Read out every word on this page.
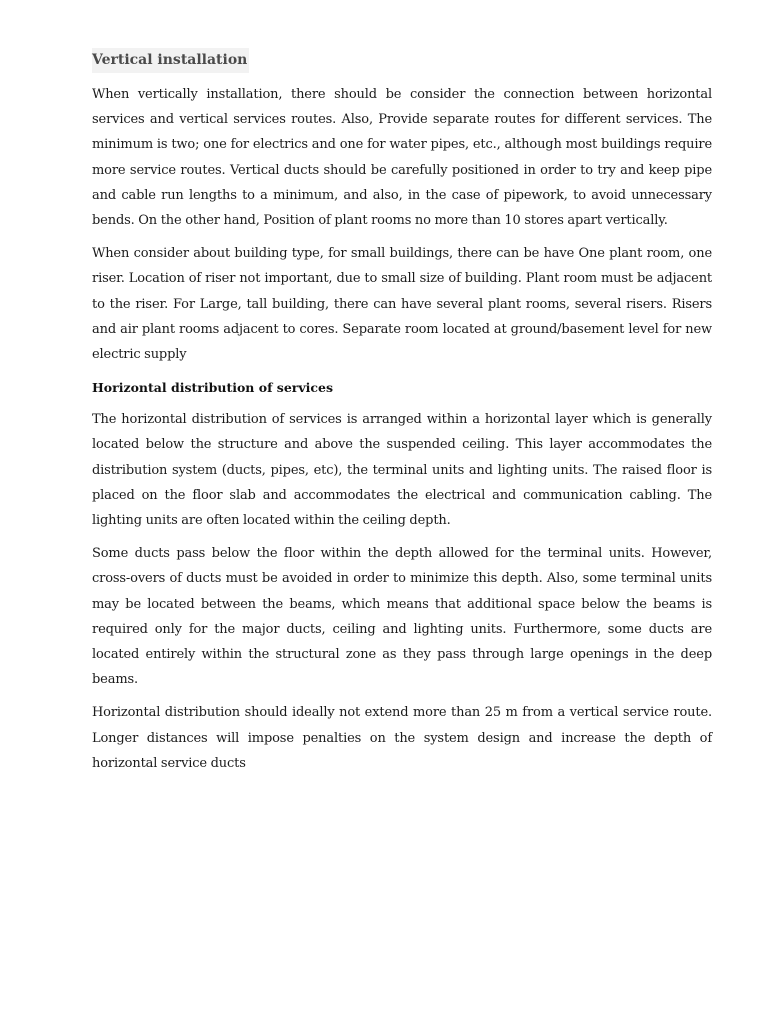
Vertical installation

When vertically installation, there should be consider the connection between horizontal services and vertical services routes. Also, Provide separate routes for different services. The minimum is two; one for electrics and one for water pipes, etc., although most buildings require more service routes. Vertical ducts should be carefully positioned in order to try and keep pipe and cable run lengths to a minimum, and also, in the case of pipework, to avoid unnecessary bends. On the other hand, Position of plant rooms no more than 10 stores apart vertically.

When consider about building type, for small buildings, there can be have One plant room, one riser. Location of riser not important, due to small size of building. Plant room must be adjacent to the riser. For Large, tall building, there can have several plant rooms, several risers. Risers and air plant rooms adjacent to cores. Separate room located at ground/basement level for new electric supply

Horizontal distribution of services

The horizontal distribution of services is arranged within a horizontal layer which is generally located below the structure and above the suspended ceiling. This layer accommodates the distribution system (ducts, pipes, etc), the terminal units and lighting units. The raised floor is placed on the floor slab and accommodates the electrical and communication cabling. The lighting units are often located within the ceiling depth.

Some ducts pass below the floor within the depth allowed for the terminal units. However, cross-overs of ducts must be avoided in order to minimize this depth. Also, some terminal units may be located between the beams, which means that additional space below the beams is required only for the major ducts, ceiling and lighting units. Furthermore, some ducts are located entirely within the structural zone as they pass through large openings in the deep beams.

Horizontal distribution should ideally not extend more than 25 m from a vertical service route. Longer distances will impose penalties on the system design and increase the depth of horizontal service ducts
